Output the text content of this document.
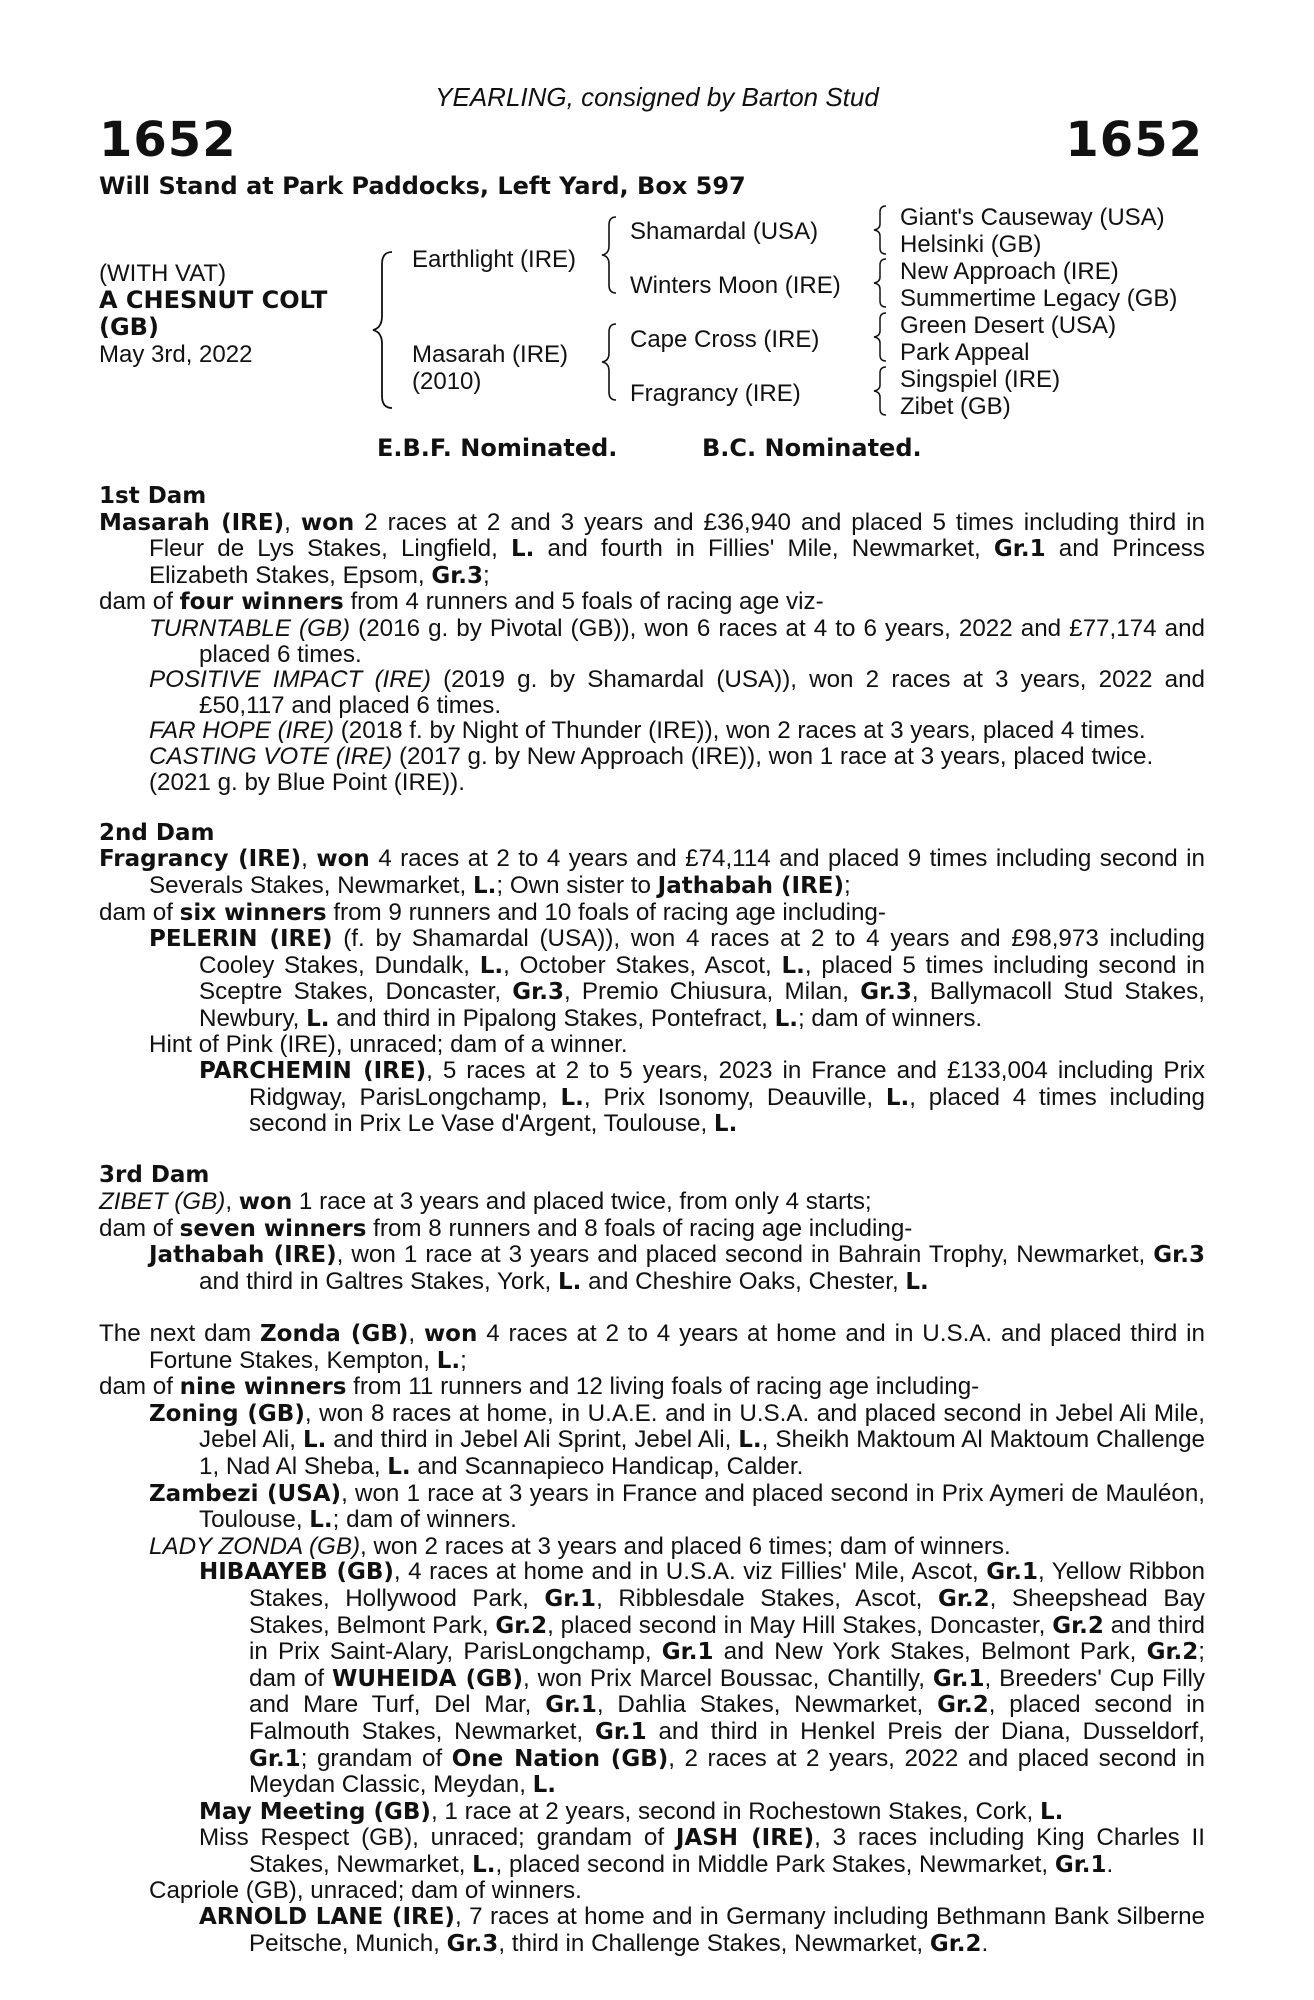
YEARLING, consigned by Barton Stud
1652	1652
Will Stand at Park Paddocks, Left Yard, Box 597
(WITH VAT)
A CHESNUT COLT
(GB)
May 3rd, 2022
Earthlight (IRE)
Masarah (IRE)
(2010)
Shamardal (USA)
Winters Moon (IRE)
Cape Cross (IRE)
Fragrancy (IRE)
Giant's Causeway (USA)
Helsinki (GB)
New Approach (IRE)
Summertime Legacy (GB)
Green Desert (USA)
Park Appeal
Singspiel (IRE)
Zibet (GB)
E.B.F. Nominated.	B.C. Nominated.

1st Dam

Masarah (IRE), won 2 races at 2 and 3 years and £36,940 and placed 5 times including third in Fleur de Lys Stakes, Lingfield, L. and fourth in Fillies' Mile, Newmarket, Gr.1 and Princess Elizabeth Stakes, Epsom, Gr.3;

dam of four winners from 4 runners and 5 foals of racing age viz-

TURNTABLE (GB) (2016 g. by Pivotal (GB)), won 6 races at 4 to 6 years, 2022 and £77,174 and placed 6 times.

POSITIVE IMPACT (IRE) (2019 g. by Shamardal (USA)), won 2 races at 3 years, 2022 and £50,117 and placed 6 times.

FAR HOPE (IRE) (2018 f. by Night of Thunder (IRE)), won 2 races at 3 years, placed 4 times.

CASTING VOTE (IRE) (2017 g. by New Approach (IRE)), won 1 race at 3 years, placed twice.

(2021 g. by Blue Point (IRE)).

2nd Dam

Fragrancy (IRE), won 4 races at 2 to 4 years and £74,114 and placed 9 times including second in Severals Stakes, Newmarket, L.; Own sister to Jathabah (IRE);

dam of six winners from 9 runners and 10 foals of racing age including-

PELERIN (IRE) (f. by Shamardal (USA)), won 4 races at 2 to 4 years and £98,973 including Cooley Stakes, Dundalk, L., October Stakes, Ascot, L., placed 5 times including second in Sceptre Stakes, Doncaster, Gr.3, Premio Chiusura, Milan, Gr.3, Ballymacoll Stud Stakes, Newbury, L. and third in Pipalong Stakes, Pontefract, L.; dam of winners.

Hint of Pink (IRE), unraced; dam of a winner.

PARCHEMIN (IRE), 5 races at 2 to 5 years, 2023 in France and £133,004 including Prix Ridgway, ParisLongchamp, L., Prix Isonomy, Deauville, L., placed 4 times including second in Prix Le Vase d'Argent, Toulouse, L.

3rd Dam

ZIBET (GB), won 1 race at 3 years and placed twice, from only 4 starts;

dam of seven winners from 8 runners and 8 foals of racing age including-

Jathabah (IRE), won 1 race at 3 years and placed second in Bahrain Trophy, Newmarket, Gr.3 and third in Galtres Stakes, York, L. and Cheshire Oaks, Chester, L.

The next dam Zonda (GB), won 4 races at 2 to 4 years at home and in U.S.A. and placed third in Fortune Stakes, Kempton, L.;

dam of nine winners from 11 runners and 12 living foals of racing age including-

Zoning (GB), won 8 races at home, in U.A.E. and in U.S.A. and placed second in Jebel Ali Mile, Jebel Ali, L. and third in Jebel Ali Sprint, Jebel Ali, L., Sheikh Maktoum Al Maktoum Challenge 1, Nad Al Sheba, L. and Scannapieco Handicap, Calder.

Zambezi (USA), won 1 race at 3 years in France and placed second in Prix Aymeri de Mauléon, Toulouse, L.; dam of winners.

LADY ZONDA (GB), won 2 races at 3 years and placed 6 times; dam of winners.

HIBAAYEB (GB), 4 races at home and in U.S.A. viz Fillies' Mile, Ascot, Gr.1, Yellow Ribbon Stakes, Hollywood Park, Gr.1, Ribblesdale Stakes, Ascot, Gr.2, Sheepshead Bay Stakes, Belmont Park, Gr.2, placed second in May Hill Stakes, Doncaster, Gr.2 and third in Prix Saint-Alary, ParisLongchamp, Gr.1 and New York Stakes, Belmont Park, Gr.2; dam of WUHEIDA (GB), won Prix Marcel Boussac, Chantilly, Gr.1, Breeders' Cup Filly and Mare Turf, Del Mar, Gr.1, Dahlia Stakes, Newmarket, Gr.2, placed second in Falmouth Stakes, Newmarket, Gr.1 and third in Henkel Preis der Diana, Dusseldorf, Gr.1; grandam of One Nation (GB), 2 races at 2 years, 2022 and placed second in Meydan Classic, Meydan, L.

May Meeting (GB), 1 race at 2 years, second in Rochestown Stakes, Cork, L.

Miss Respect (GB), unraced; grandam of JASH (IRE), 3 races including King Charles II Stakes, Newmarket, L., placed second in Middle Park Stakes, Newmarket, Gr.1.

Capriole (GB), unraced; dam of winners.

ARNOLD LANE (IRE), 7 races at home and in Germany including Bethmann Bank Silberne Peitsche, Munich, Gr.3, third in Challenge Stakes, Newmarket, Gr.2.
